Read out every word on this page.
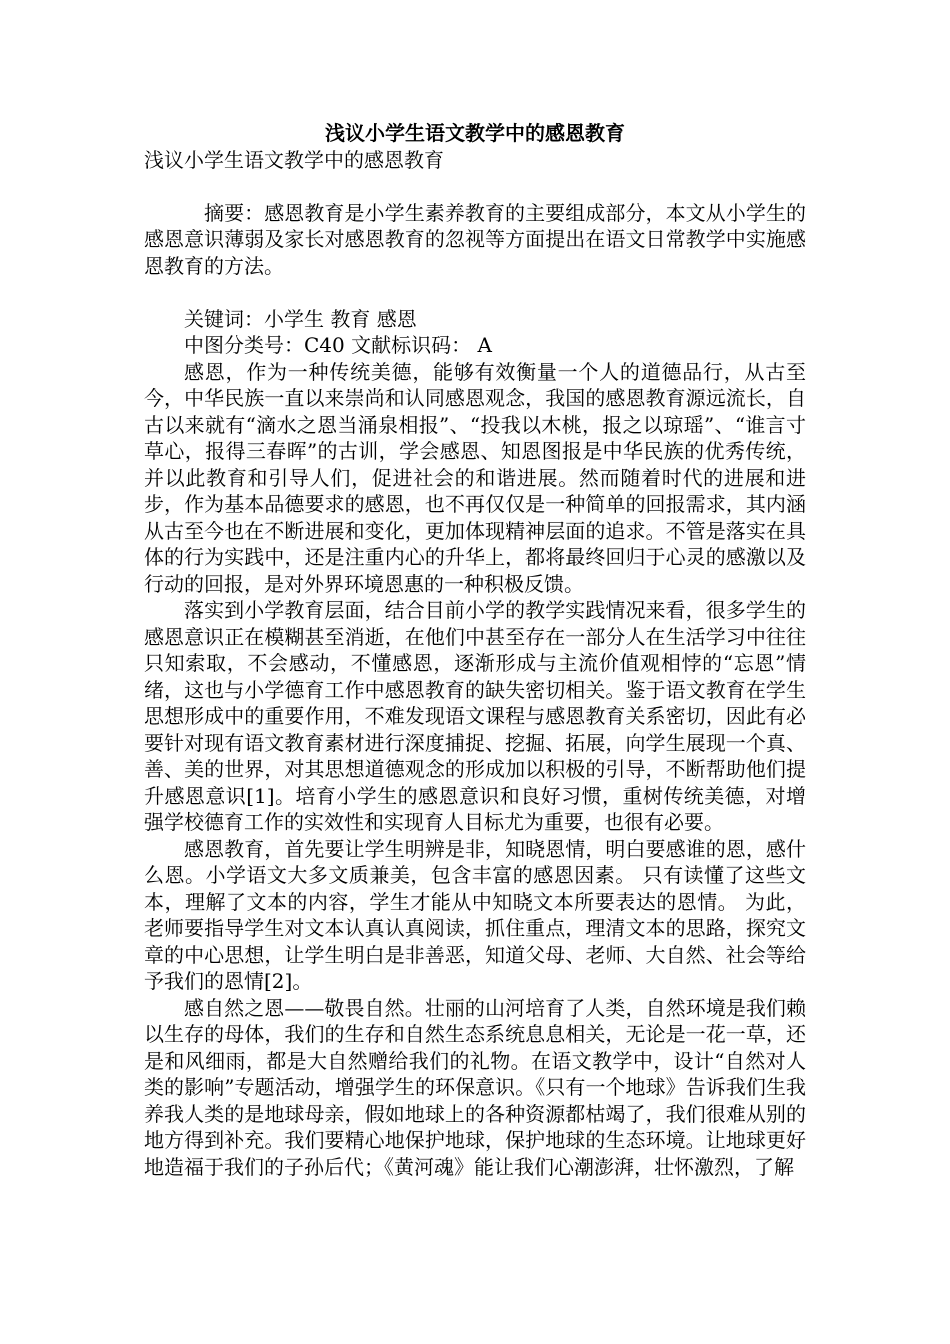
浅议小学生语文教学中的感恩教育

浅议小学生语文教学中的感恩教育

摘要：感恩教育是小学生素养教育的主要组成部分，本文从小学生的感恩意识薄弱及家长对感恩教育的忽视等方面提出在语文日常教学中实施感恩教育的方法。

关键词：小学生 教育 感恩

中图分类号：C40 文献标识码： A

感恩，作为一种传统美德，能够有效衡量一个人的道德品行，从古至今，中华民族一直以来崇尚和认同感恩观念，我国的感恩教育源远流长，自古以来就有“滴水之恩当涌泉相报”、“投我以木桃，报之以琼瑶”、“谁言寸草心，报得三春晖”的古训，学会感恩、知恩图报是中华民族的优秀传统，并以此教育和引导人们，促进社会的和谐进展。然而随着时代的进展和进步，作为基本品德要求的感恩，也不再仅仅是一种简单的回报需求，其内涵从古至今也在不断进展和变化，更加体现精神层面的追求。不管是落实在具体的行为实践中，还是注重内心的升华上，都将最终回归于心灵的感激以及行动的回报，是对外界环境恩惠的一种积极反馈。

落实到小学教育层面，结合目前小学的教学实践情况来看，很多学生的感恩意识正在模糊甚至消逝，在他们中甚至存在一部分人在生活学习中往往只知索取，不会感动，不懂感恩，逐渐形成与主流价值观相悖的“忘恩”情绪，这也与小学德育工作中感恩教育的缺失密切相关。鉴于语文教育在学生思想形成中的重要作用，不难发现语文课程与感恩教育关系密切，因此有必要针对现有语文教育素材进行深度捕捉、挖掘、拓展，向学生展现一个真、善、美的世界，对其思想道德观念的形成加以积极的引导，不断帮助他们提升感恩意识[1]。培育小学生的感恩意识和良好习惯，重树传统美德，对增强学校德育工作的实效性和实现育人目标尤为重要，也很有必要。

感恩教育，首先要让学生明辨是非，知晓恩情，明白要感谁的恩，感什么恩。小学语文大多文质兼美，包含丰富的感恩因素。 只有读懂了这些文本，理解了文本的内容，学生才能从中知晓文本所要表达的恩情。 为此，老师要指导学生对文本认真认真阅读，抓住重点，理清文本的思路，探究文章的中心思想，让学生明白是非善恶，知道父母、老师、大自然、社会等给予我们的恩情[2]。

感自然之恩——敬畏自然。壮丽的山河培育了人类，自然环境是我们赖以生存的母体，我们的生存和自然生态系统息息相关，无论是一花一草，还是和风细雨，都是大自然赠给我们的礼物。在语文教学中，设计“自然对人类的影响”专题活动，增强学生的环保意识。《只有一个地球》告诉我们生我养我人类的是地球母亲，假如地球上的各种资源都枯竭了，我们很难从别的地方得到补充。我们要精心地保护地球，保护地球的生态环境。让地球更好地造福于我们的子孙后代；《黄河魂》能让我们心潮澎湃，壮怀激烈，了解
